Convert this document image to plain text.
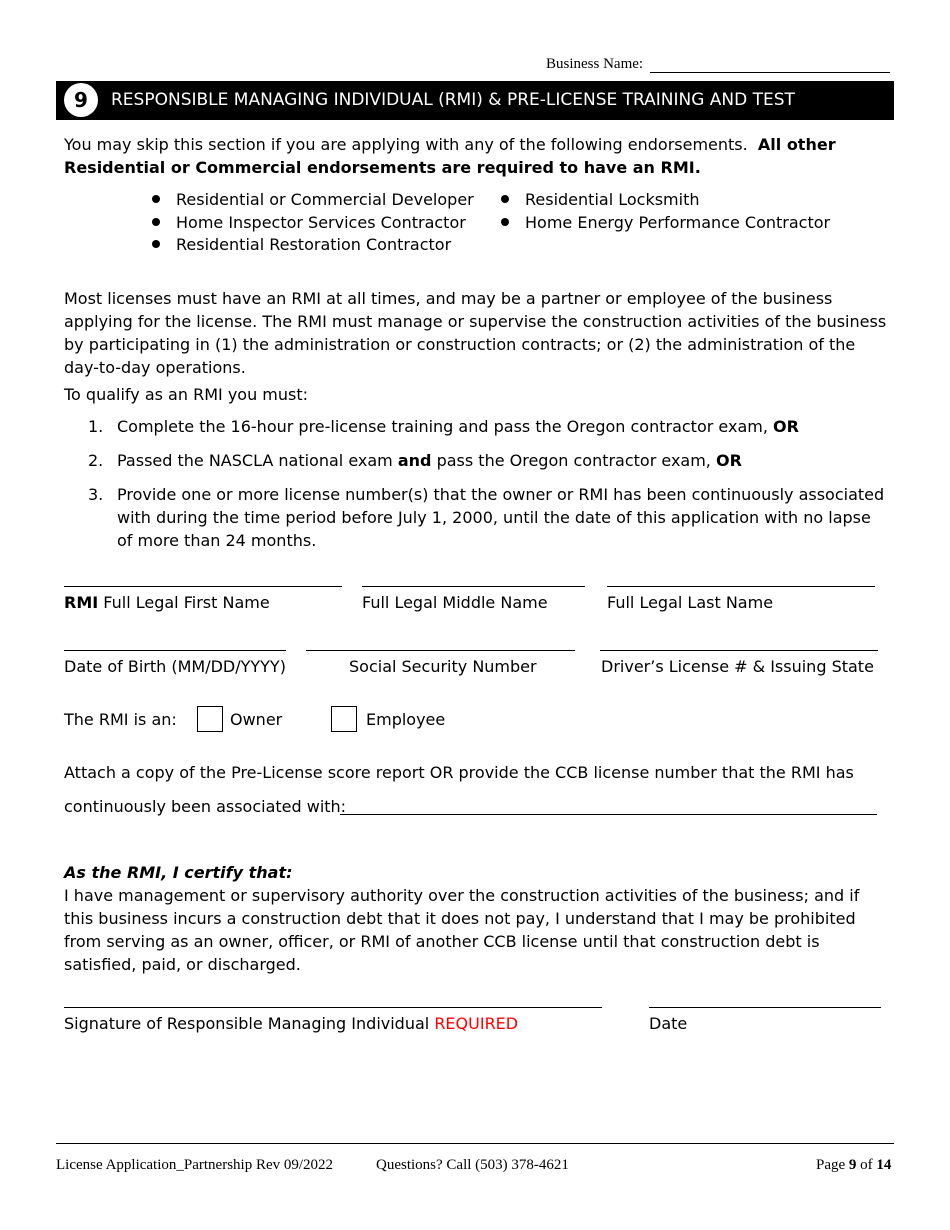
Business Name:
9	RESPONSIBLE MANAGING INDIVIDUAL (RMI) & PRE-LICENSE TRAINING AND TEST
You may skip this section if you are applying with any of the following endorsements. All other Residential or Commercial endorsements are required to have an RMI.
Residential or Commercial Developer
Home Inspector Services Contractor
Residential Restoration Contractor
Residential Locksmith
Home Energy Performance Contractor
Most licenses must have an RMI at all times, and may be a partner or employee of the business applying for the license. The RMI must manage or supervise the construction activities of the business by participating in (1) the administration or construction contracts; or (2) the administration of the day-to-day operations.
To qualify as an RMI you must:
1. Complete the 16-hour pre-license training and pass the Oregon contractor exam, OR
2. Passed the NASCLA national exam and pass the Oregon contractor exam, OR
3. Provide one or more license number(s) that the owner or RMI has been continuously associated with during the time period before July 1, 2000, until the date of this application with no lapse of more than 24 months.
RMI Full Legal First Name	Full Legal Middle Name	Full Legal Last Name
Date of Birth (MM/DD/YYYY)	Social Security Number	Driver’s License # & Issuing State
The RMI is an:	Owner	Employee
Attach a copy of the Pre-License score report OR provide the CCB license number that the RMI has
continuously been associated with:
As the RMI, I certify that:
I have management or supervisory authority over the construction activities of the business; and if this business incurs a construction debt that it does not pay, I understand that I may be prohibited from serving as an owner, officer, or RMI of another CCB license until that construction debt is satisfied, paid, or discharged.
Signature of Responsible Managing Individual REQUIRED	Date
License Application_Partnership Rev 09/2022	Questions? Call (503) 378-4621	Page 9 of 14
